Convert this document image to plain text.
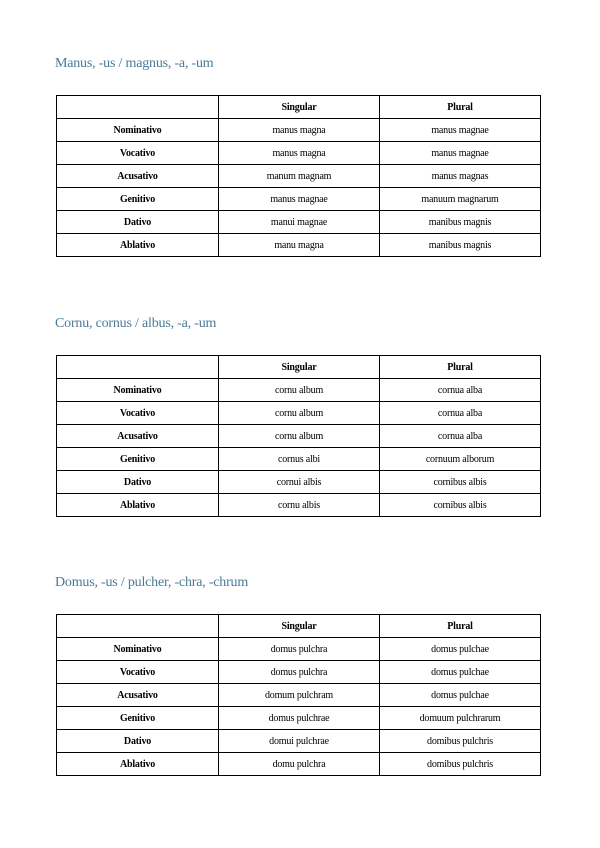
Manus, -us / magnus, -a, -um
	Singular	Plural
Nominativo	manus magna	manus magnae
Vocativo	manus magna	manus magnae
Acusativo	manum magnam	manus magnas
Genitivo	manus magnae	manuum magnarum
Dativo	manui magnae	manibus magnis
Ablativo	manu magna	manibus magnis
Cornu, cornus / albus, -a, -um
	Singular	Plural
Nominativo	cornu album	cornua alba
Vocativo	cornu album	cornua alba
Acusativo	cornu album	cornua alba
Genitivo	cornus albi	cornuum alborum
Dativo	cornui albis	cornibus albis
Ablativo	cornu albis	cornibus albis
Domus, -us / pulcher, -chra, -chrum
	Singular	Plural
Nominativo	domus pulchra	domus pulchae
Vocativo	domus pulchra	domus pulchae
Acusativo	domum pulchram	domus pulchae
Genitivo	domus pulchrae	domuum pulchrarum
Dativo	domui pulchrae	domibus pulchris
Ablativo	domu pulchra	domibus pulchris
